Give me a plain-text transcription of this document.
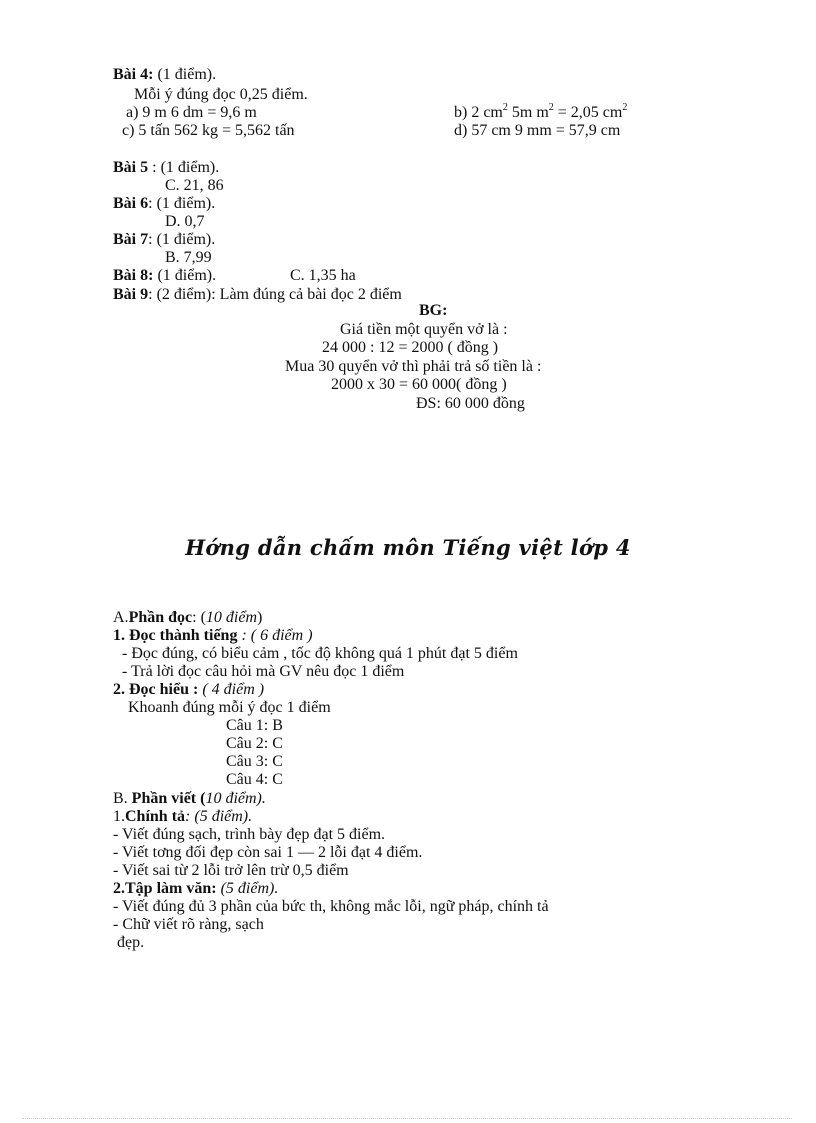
Bài 4: (1 điểm).
Mỗi ý đúng đọc 0,25 điểm.
a) 9 m 6 dm = 9,6 m	b) 2 $cm^2$ 5m $m^2 = 2,05$ $cm^2$
c) 5 tấn 562 kg = 5,562 tấn	d) 57 cm 9 mm = 57,9 cm
Bài 5 : (1 điểm).
C. 21, 86
Bài 6: (1 điểm).
D. 0,7
Bài 7: (1 điểm).
B. 7,99
Bài 8: (1 điểm).	C. 1,35 ha
Bài 9: (2 điểm): Làm đúng cả bài đọc 2 điểm
BG:
Giá tiền một quyển vở là :
24 000 : 12 = 2000 ( đồng )
Mua 30 quyển vở thì phải trả số tiền là :
2000 x 30 = 60 000( đồng )
ĐS: 60 000 đồng
Hớng dẫn chấm môn Tiếng việt lớp 4
A.Phần đọc: (10 điểm)
1. Đọc thành tiếng : ( 6 điểm )
- Đọc đúng, có biểu cảm , tốc độ không quá 1 phút đạt 5 điểm
- Trả lời đọc câu hỏi mà GV nêu đọc 1 điểm
2. Đọc hiểu : ( 4 điểm )
Khoanh đúng mỗi ý đọc 1 điểm
Câu 1: B
Câu 2: C
Câu 3: C
Câu 4: C
B. Phần viết (10 điểm).
1.Chính tả: (5 điểm).
- Viết đúng sạch, trình bày đẹp đạt 5 điểm.
- Viết tơng đối đẹp còn sai 1 — 2 lỗi đạt 4 điểm.
- Viết sai từ 2 lỗi trở lên trừ 0,5 điểm
2.Tập làm văn: (5 điểm).
- Viết đúng đủ 3 phần của bức th, không mắc lỗi, ngữ pháp, chính tả
- Chữ viết rõ ràng, sạch
đẹp.
